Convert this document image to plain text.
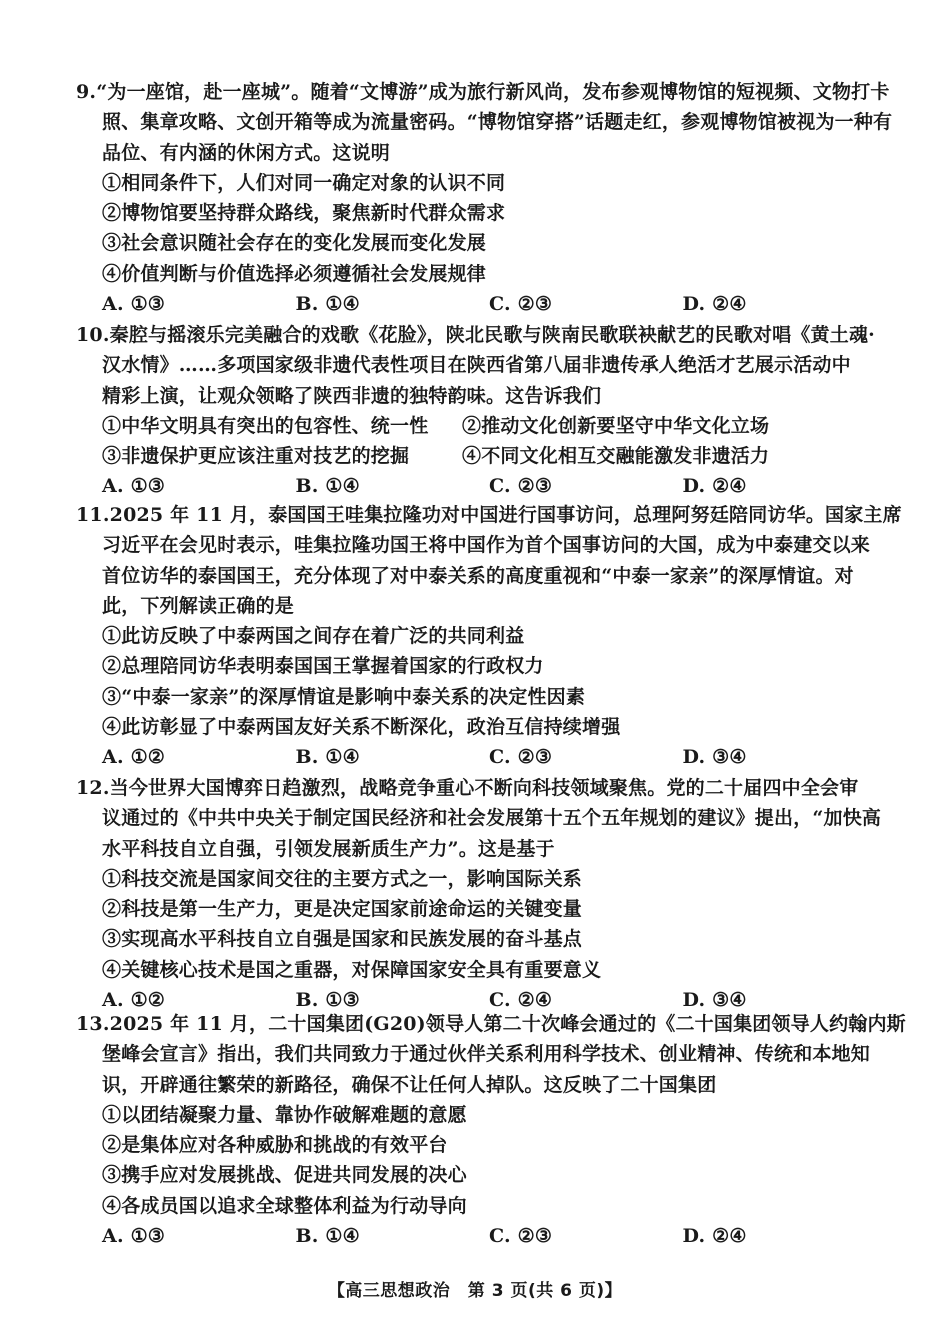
9.“为一座馆，赴一座城”。随着“文博游”成为旅行新风尚，发布参观博物馆的短视频、文物打卡
照、集章攻略、文创开箱等成为流量密码。“博物馆穿搭”话题走红，参观博物馆被视为一种有
品位、有内涵的休闲方式。这说明
①相同条件下，人们对同一确定对象的认识不同
②博物馆要坚持群众路线，聚焦新时代群众需求
③社会意识随社会存在的变化发展而变化发展
④价值判断与价值选择必须遵循社会发展规律
A. ①③	B. ①④	C. ②③	D. ②④
10.秦腔与摇滚乐完美融合的戏歌《花脸》，陕北民歌与陕南民歌联袂献艺的民歌对唱《黄土魂·
汉水情》……多项国家级非遗代表性项目在陕西省第八届非遗传承人绝活才艺展示活动中
精彩上演，让观众领略了陕西非遗的独特韵味。这告诉我们
①中华文明具有突出的包容性、统一性	②推动文化创新要坚守中华文化立场
③非遗保护更应该注重对技艺的挖掘	④不同文化相互交融能激发非遗活力
A. ①③	B. ①④	C. ②③	D. ②④
11.2025 年 11 月，泰国国王哇集拉隆功对中国进行国事访问，总理阿努廷陪同访华。国家主席
习近平在会见时表示，哇集拉隆功国王将中国作为首个国事访问的大国，成为中泰建交以来
首位访华的泰国国王，充分体现了对中泰关系的高度重视和“中泰一家亲”的深厚情谊。对
此，下列解读正确的是
①此访反映了中泰两国之间存在着广泛的共同利益
②总理陪同访华表明泰国国王掌握着国家的行政权力
③“中泰一家亲”的深厚情谊是影响中泰关系的决定性因素
④此访彰显了中泰两国友好关系不断深化，政治互信持续增强
A. ①②	B. ①④	C. ②③	D. ③④
12.当今世界大国博弈日趋激烈，战略竞争重心不断向科技领域聚焦。党的二十届四中全会审
议通过的《中共中央关于制定国民经济和社会发展第十五个五年规划的建议》提出，“加快高
水平科技自立自强，引领发展新质生产力”。这是基于
①科技交流是国家间交往的主要方式之一，影响国际关系
②科技是第一生产力，更是决定国家前途命运的关键变量
③实现高水平科技自立自强是国家和民族发展的奋斗基点
④关键核心技术是国之重器，对保障国家安全具有重要意义
A. ①②	B. ①③	C. ②④	D. ③④
13.2025 年 11 月，二十国集团(G20)领导人第二十次峰会通过的《二十国集团领导人约翰内斯
堡峰会宣言》指出，我们共同致力于通过伙伴关系利用科学技术、创业精神、传统和本地知
识，开辟通往繁荣的新路径，确保不让任何人掉队。这反映了二十国集团
①以团结凝聚力量、靠协作破解难题的意愿
②是集体应对各种威胁和挑战的有效平台
③携手应对发展挑战、促进共同发展的决心
④各成员国以追求全球整体利益为行动导向
A. ①③	B. ①④	C. ②③	D. ②④
【高三思想政治　第 3 页(共 6 页)】
